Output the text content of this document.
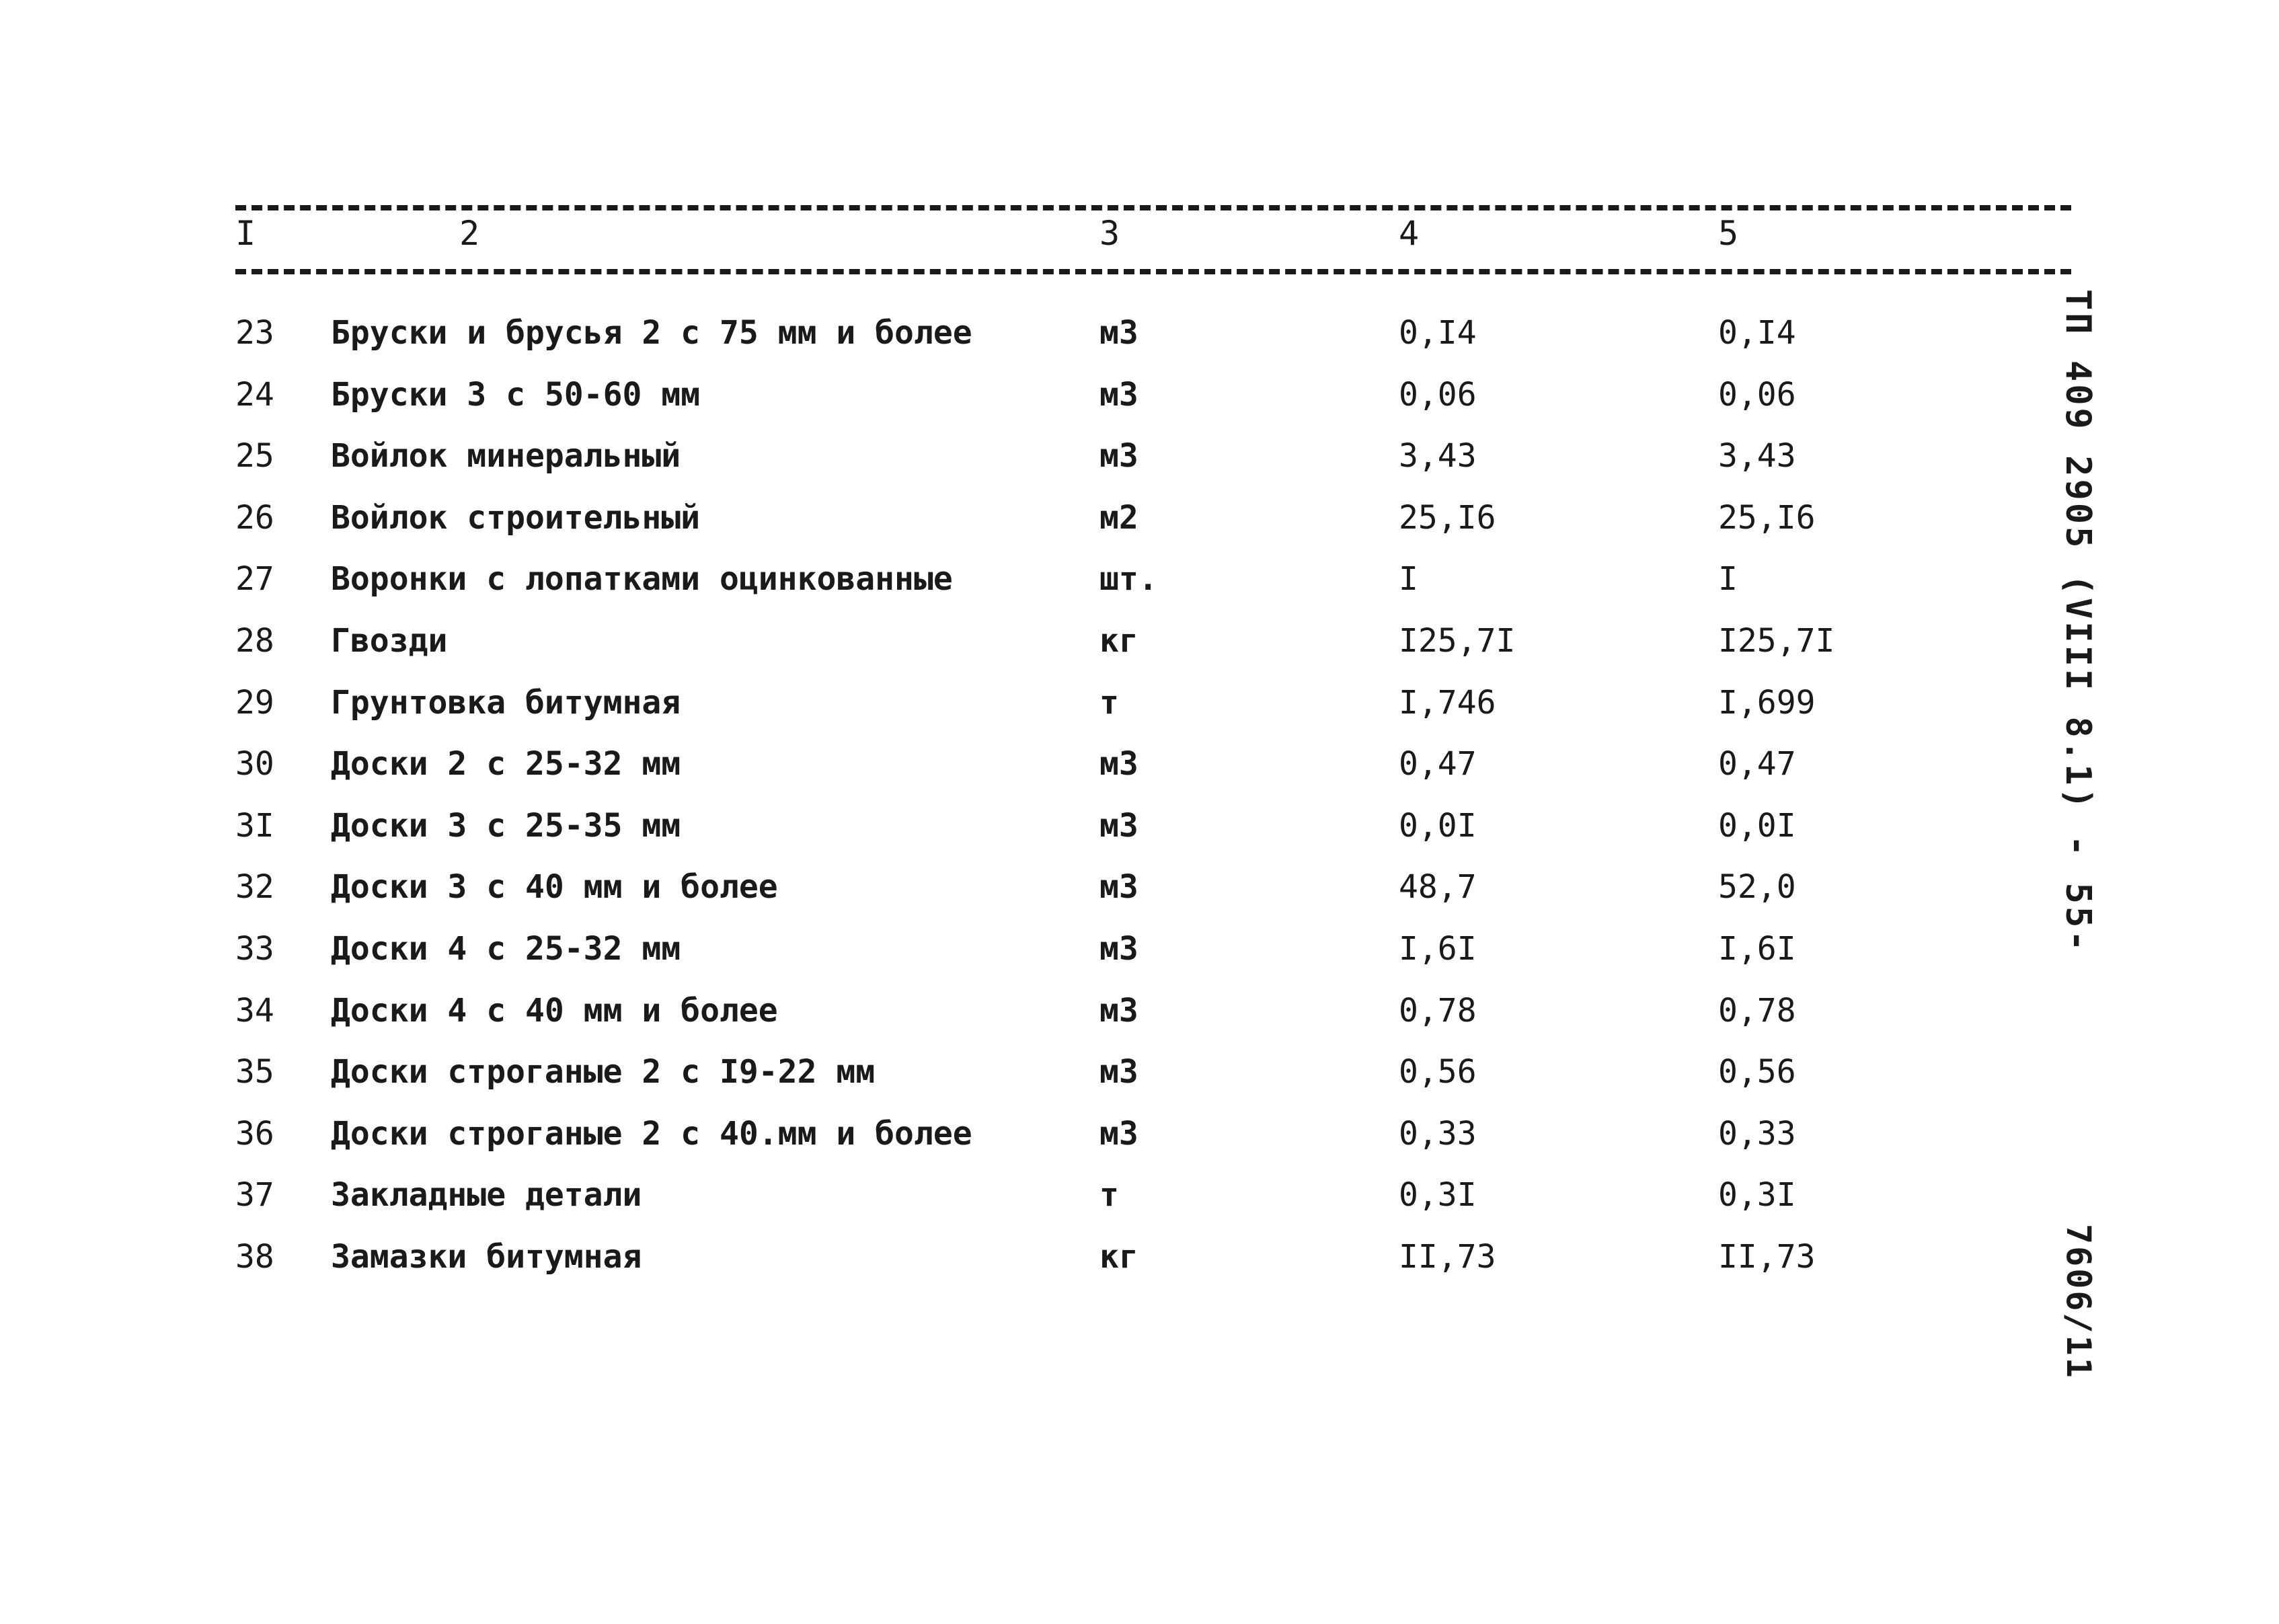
I	2	3	4	5
23 Бруски и брусья 2 с 75 мм и более	м3	0,I4	0,I4
24 Бруски 3 с 50-60 мм	м3	0,06	0,06
25 Войлок минеральный	м3	3,43	3,43
26 Войлок строительный	м2	25,I6	25,I6
27 Воронки с лопатками оцинкованные	шт.	I	I
28 Гвозди	кг	I25,7I	I25,7I
29 Грунтовка битумная	т	I,746	I,699
30 Доски 2 с 25-32 мм	м3	0,47	0,47
3I Доски 3 с 25-35 мм	м3	0,0I	0,0I
32 Доски 3 с 40 мм и более	м3	48,7	52,0
33 Доски 4 с 25-32 мм	м3	I,6I	I,6I
34 Доски 4 с 40 мм и более	м3	0,78	0,78
35 Доски строганые 2 с I9-22 мм	м3	0,56	0,56
36 Доски строганые 2 с 40.мм и более	м3	0,33	0,33
37 Закладные детали	т	0,3I	0,3I
38 Замазки битумная	кг	II,73	II,73
ТП 409 2905 (VIII 8.1) - 55-
7606/11
